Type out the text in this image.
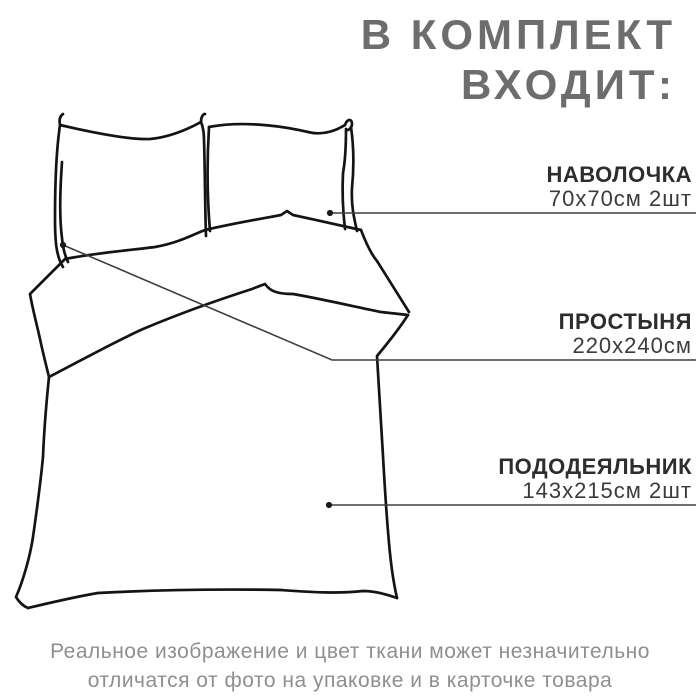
В КОМПЛЕКТ
ВХОДИТ:
НАВОЛОЧКА
70х70см 2шт
ПРОСТЫНЯ
220х240см
ПОДОДЕЯЛЬНИК
143х215см 2шт
Реальное изображение и цвет ткани может незначительно
отличатся от фото на упаковке и в карточке товара
